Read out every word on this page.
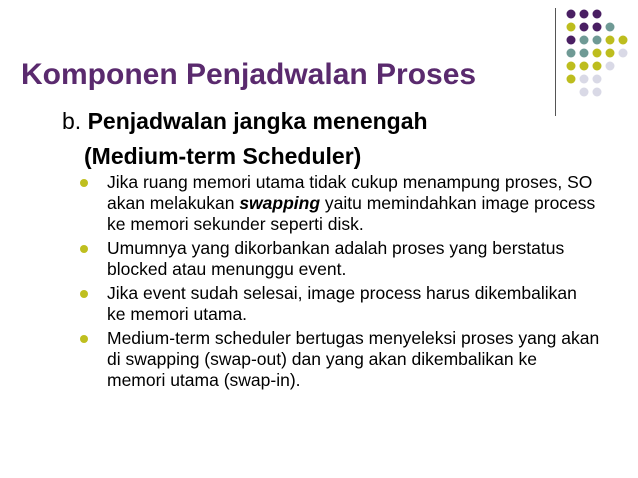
Komponen Penjadwalan Proses
b. Penjadwalan jangka menengah
(Medium-term Scheduler)
Jika ruang memori utama tidak cukup menampung proses, SO akan melakukan swapping yaitu memindahkan image process ke memori sekunder seperti disk.
Umumnya yang dikorbankan adalah proses yang berstatus blocked atau menunggu event.
Jika event sudah selesai, image process harus dikembalikan ke memori utama.
Medium-term scheduler bertugas menyeleksi proses yang akan di swapping (swap-out) dan yang akan dikembalikan ke memori utama (swap-in).
